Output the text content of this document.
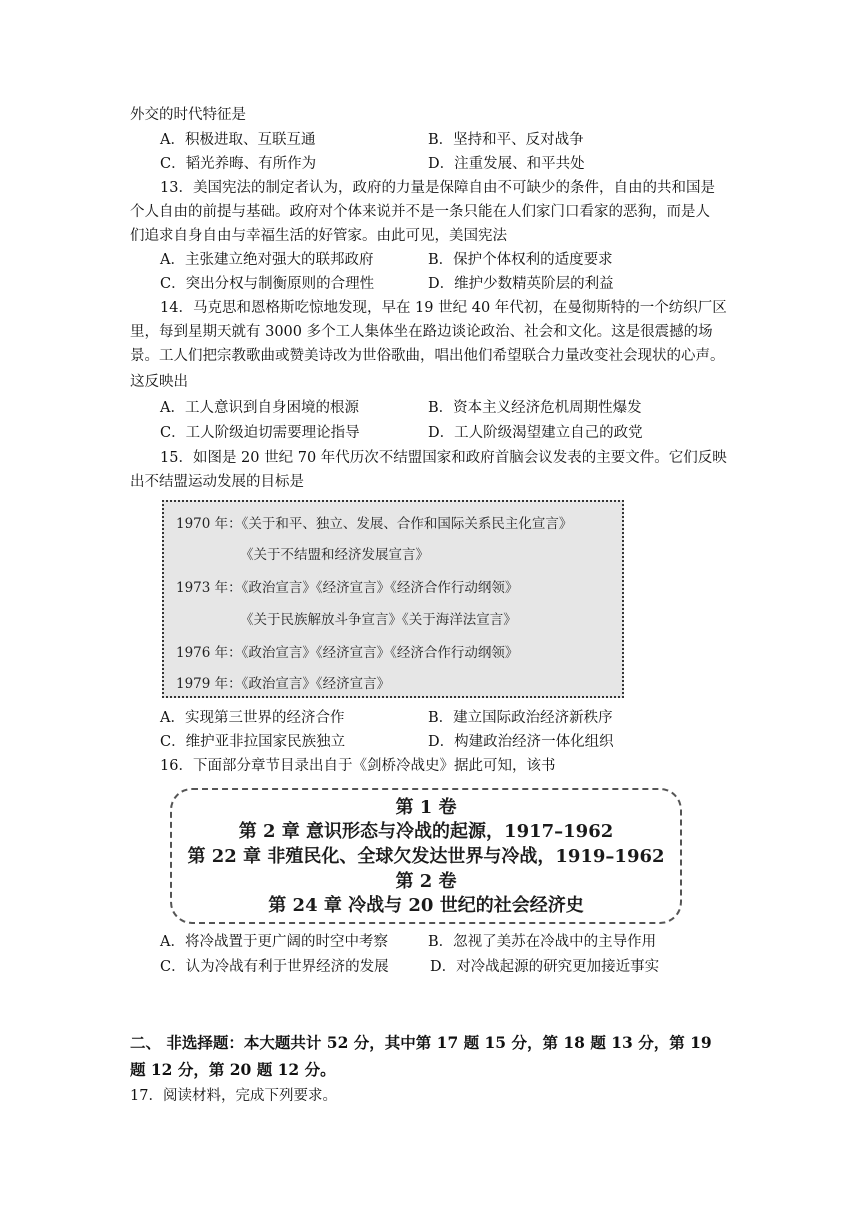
外交的时代特征是
A．积极进取、互联互通	B．坚持和平、反对战争
C．韬光养晦、有所作为	D．注重发展、和平共处
13．美国宪法的制定者认为，政府的力量是保障自由不可缺少的条件，自由的共和国是
个人自由的前提与基础。政府对个体来说并不是一条只能在人们家门口看家的恶狗，而是人
们追求自身自由与幸福生活的好管家。由此可见，美国宪法
A．主张建立绝对强大的联邦政府	B．保护个体权利的适度要求
C．突出分权与制衡原则的合理性	D．维护少数精英阶层的利益
14．马克思和恩格斯吃惊地发现，早在 19 世纪 40 年代初，在曼彻斯特的一个纺织厂区
里，每到星期天就有 3000 多个工人集体坐在路边谈论政治、社会和文化。这是很震撼的场
景。工人们把宗教歌曲或赞美诗改为世俗歌曲，唱出他们希望联合力量改变社会现状的心声。
这反映出
A．工人意识到自身困境的根源	B．资本主义经济危机周期性爆发
C．工人阶级迫切需要理论指导	D．工人阶级渴望建立自己的政党
15．如图是 20 世纪 70 年代历次不结盟国家和政府首脑会议发表的主要文件。它们反映
出不结盟运动发展的目标是
1970 年：《关于和平、独立、发展、合作和国际关系民主化宣言》
《关于不结盟和经济发展宣言》
1973 年：《政治宣言》《经济宣言》《经济合作行动纲领》
《关于民族解放斗争宣言》《关于海洋法宣言》
1976 年：《政治宣言》《经济宣言》《经济合作行动纲领》
1979 年：《政治宣言》《经济宣言》
A．实现第三世界的经济合作	B．建立国际政治经济新秩序
C．维护亚非拉国家民族独立	D．构建政治经济一体化组织
16．下面部分章节目录出自于《剑桥冷战史》据此可知，该书
第 1 卷
第 2 章 意识形态与冷战的起源，1917–1962
第 22 章 非殖民化、全球欠发达世界与冷战，1919–1962
第 2 卷
第 24 章 冷战与 20 世纪的社会经济史
A．将冷战置于更广阔的时空中考察	B．忽视了美苏在冷战中的主导作用
C．认为冷战有利于世界经济的发展	D．对冷战起源的研究更加接近事实
二、 非选择题：本大题共计 52 分，其中第 17 题 15 分，第 18 题 13 分，第 19
题 12 分，第 20 题 12 分。
17．阅读材料，完成下列要求。
